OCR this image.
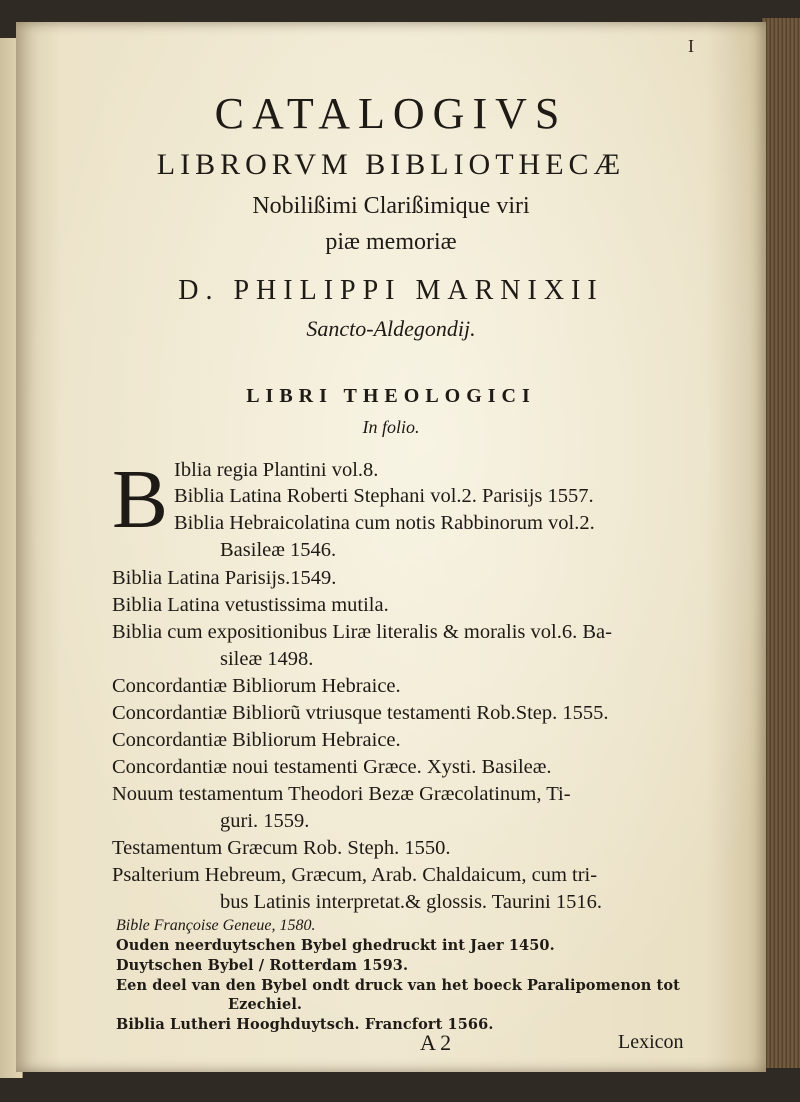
I
CATALOGIVS
LIBRORVM BIBLIOTHECÆ
Nobilißimi Clarißimique viri
piæ memoriæ
D. PHILIPPI MARNIXII
Sancto-Aldegondij.
LIBRI THEOLOGICI
In folio.
B Iblia regia Plantini vol.8.
Biblia Latina Roberti Stephani vol.2. Parisijs 1557.
Biblia Hebraicolatina cum notis Rabbinorum vol.2.
Basileæ 1546.
Biblia Latina Parisijs.1549.
Biblia Latina vetustissima mutila.
Biblia cum expositionibus Liræ literalis & moralis vol.6. Ba-
sileæ 1498.
Concordantiæ Bibliorum Hebraice.
Concordantiæ Bibliorũ vtriusque testamenti Rob.Step. 1555.
Concordantiæ Bibliorum Hebraice.
Concordantiæ noui testamenti Græce. Xysti. Basileæ.
Nouum testamentum Theodori Bezæ Græcolatinum, Ti-
guri. 1559.
Testamentum Græcum Rob. Steph. 1550.
Psalterium Hebreum, Græcum, Arab. Chaldaicum, cum tri-
bus Latinis interpretat.& glossis. Taurini 1516.
Bible Françoise Geneue, 1580.
Ouden neerduytschen Bybel ghedruckt int Jaer 1450.
Duytschen Bybel / Rotterdam 1593.
Een deel van den Bybel ondt druck van het boeck Paralipomenon tot
Ezechiel.
Biblia Lutheri Hooghduytsch. Francfort 1566.
A 2	Lexicon
